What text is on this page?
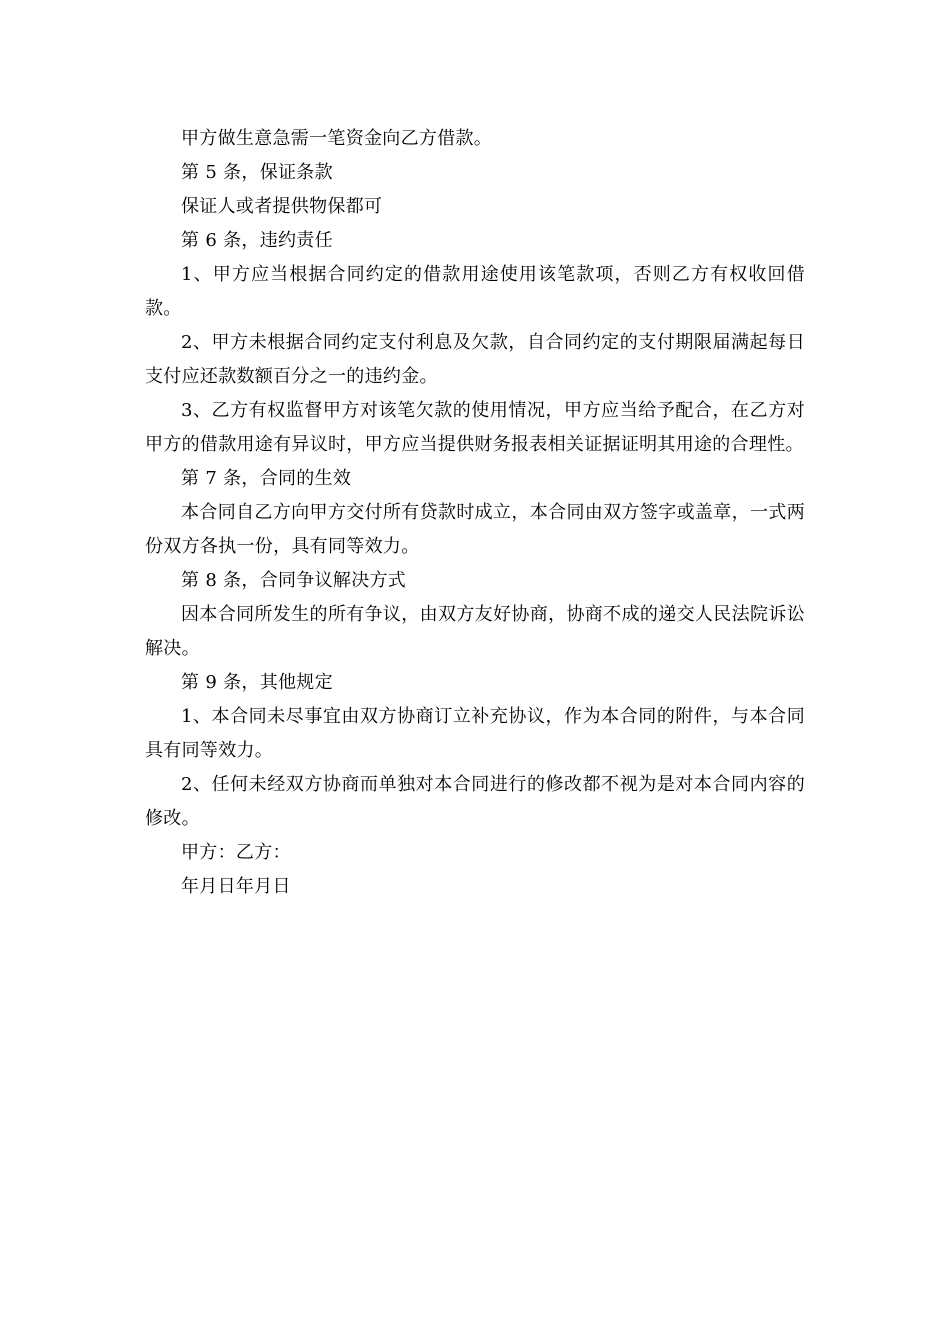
甲方做生意急需一笔资金向乙方借款。

第 5 条，保证条款

保证人或者提供物保都可

第 6 条，违约责任

1、甲方应当根据合同约定的借款用途使用该笔款项，否则乙方有权收回借款。

2、甲方未根据合同约定支付利息及欠款，自合同约定的支付期限届满起每日支付应还款数额百分之一的违约金。

3、乙方有权监督甲方对该笔欠款的使用情况，甲方应当给予配合，在乙方对甲方的借款用途有异议时，甲方应当提供财务报表相关证据证明其用途的合理性。

第 7 条，合同的生效

本合同自乙方向甲方交付所有贷款时成立，本合同由双方签字或盖章，一式两份双方各执一份，具有同等效力。

第 8 条，合同争议解决方式

因本合同所发生的所有争议，由双方友好协商，协商不成的递交人民法院诉讼解决。

第 9 条，其他规定

1、本合同未尽事宜由双方协商订立补充协议，作为本合同的附件，与本合同具有同等效力。

2、任何未经双方协商而单独对本合同进行的修改都不视为是对本合同内容的修改。

甲方：乙方：

年月日年月日
